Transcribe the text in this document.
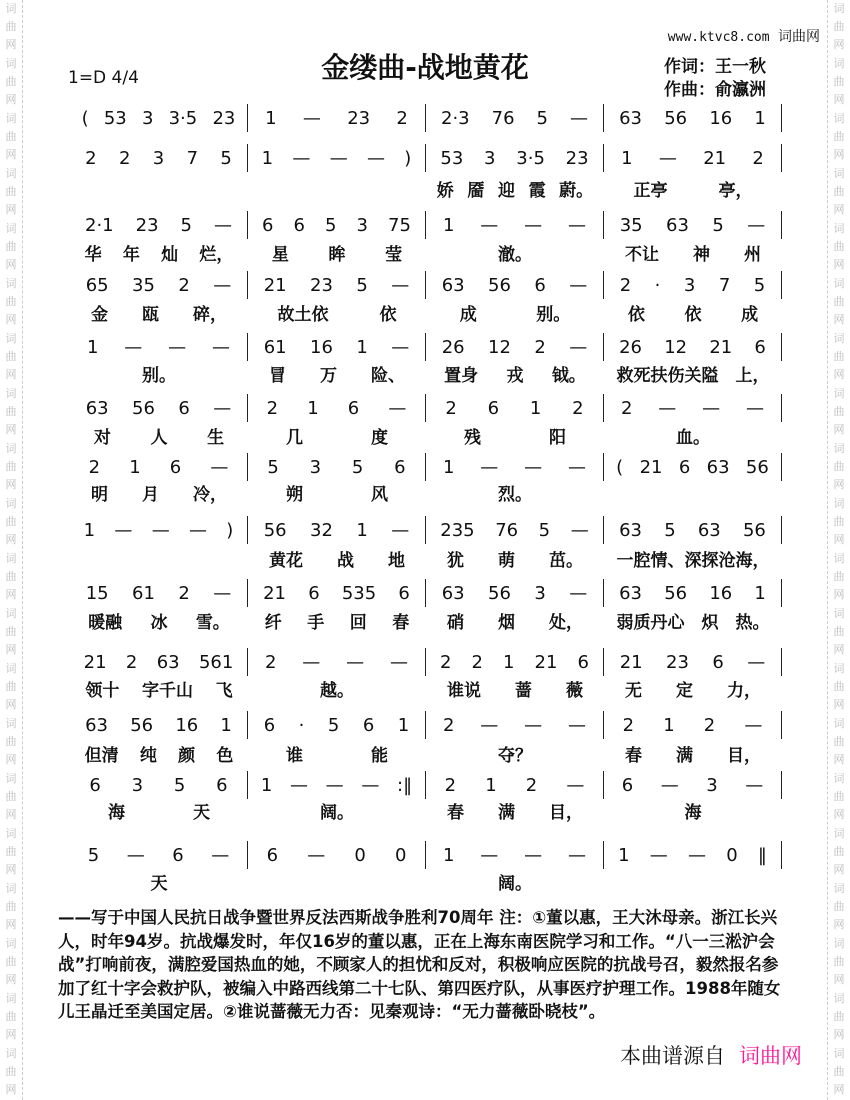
词
曲
网
词
曲
网
词
曲
网
词
曲
网
词
曲
网
词
曲
网
词
曲
网
词
曲
网
词
曲
网
词
曲
网
词
曲
网
词
曲
网
词
曲
网
词
曲
网
词
曲
网
词
曲
网
词
曲
网
词
曲
网
词
曲
网
词
曲
网
词
曲
网
词
曲
网
词
曲
网
词
曲
网
词
曲
网
词
曲
网
词
曲
网
词
曲
网
词
曲
网
词
曲
网
词
曲
网
词
曲
网
词
曲
网
词
曲
网
词
曲
网
词
曲
网
词
曲
网
词
曲
网
词
曲
网
词
曲
网
www.ktvc8.com 词曲网
1=D 4/4	金缕曲-战地黄花	作词：王一秋
作曲：俞瀛洲
( 53 3 3·5 23 1 — 23 2 2·3 76 5 — 63 56 16 1
2 2 3 7 5 1 — — — ) 53 3 3·5 23 1 — 21 2
娇 靥 迎 霞 蔚。 正亭	亭，
2·1 23 5 — 6 6 5 3 75 1 — — — 35 63 5 —
华 年 灿 烂， 星 眸 莹	澈。	不让 神 州
65 35 2 — 21 23 5 — 63 56 6 — 2 · 3 7 5
金 瓯 碎，	故土依	依	成	别。	依 依 成
1 — — — 61 16 1 — 26 12 2 — 26 12 21 6
别。	冒 万 险、 置身 戎 钺。 救死扶伤关隘 上，
63 56 6 — 2 1 6 — 2 6 1 2 2 — — —
对 人 生	几	度	残	阳	血。
2 1 6 — 5 3 5 6 1 — — — ( 21 6 63 56
明 月 冷，	朔	风	烈。
1 — — — ) 56 32 1 — 235 76 5 — 63 5 63 56
黄花 战 地 犹 萌 茁。 一腔情、深探沧海，
15 61 2 — 21 6 535 6 63 56 3 — 63 56 16 1
暖融 冰 雪。 纤 手 回 春 硝 烟 处， 弱质丹心 炽 热。
21 2 63 561 2 — — — 2 2 1 21 6 21 23 6 —
领十 字千山 飞	越。	谁说 蔷 薇 无 定 力，
63 56 16 1 6 · 5 6 1 2 — — — 2 1 2 —
但清 纯 颜 色	谁	能	夺？	春 满 目，
6 3 5 6 1 — — — :‖ 2 1 2 — 6 — 3 —
海	天	阔。	春 满 目，	海
5 — 6 — 6 — 0 0 1 — — — 1 — — 0 ‖
天	阔。
——写于中国人民抗日战争暨世界反法西斯战争胜利70周年 注：①董以惠，王大沐母亲。浙江长兴人，时年94岁。抗战爆发时，年仅16岁的董以惠，正在上海东南医院学习和工作。“八一三淞沪会战”打响前夜，满腔爱国热血的她，不顾家人的担忧和反对，积极响应医院的抗战号召，毅然报名参加了红十字会救护队，被编入中路西线第二十七队、第四医疗队，从事医疗护理工作。1988年随女儿王晶迁至美国定居。②谁说蔷薇无力否：见秦观诗：“无力蔷薇卧晓枝”。
本曲谱源自 词曲网
